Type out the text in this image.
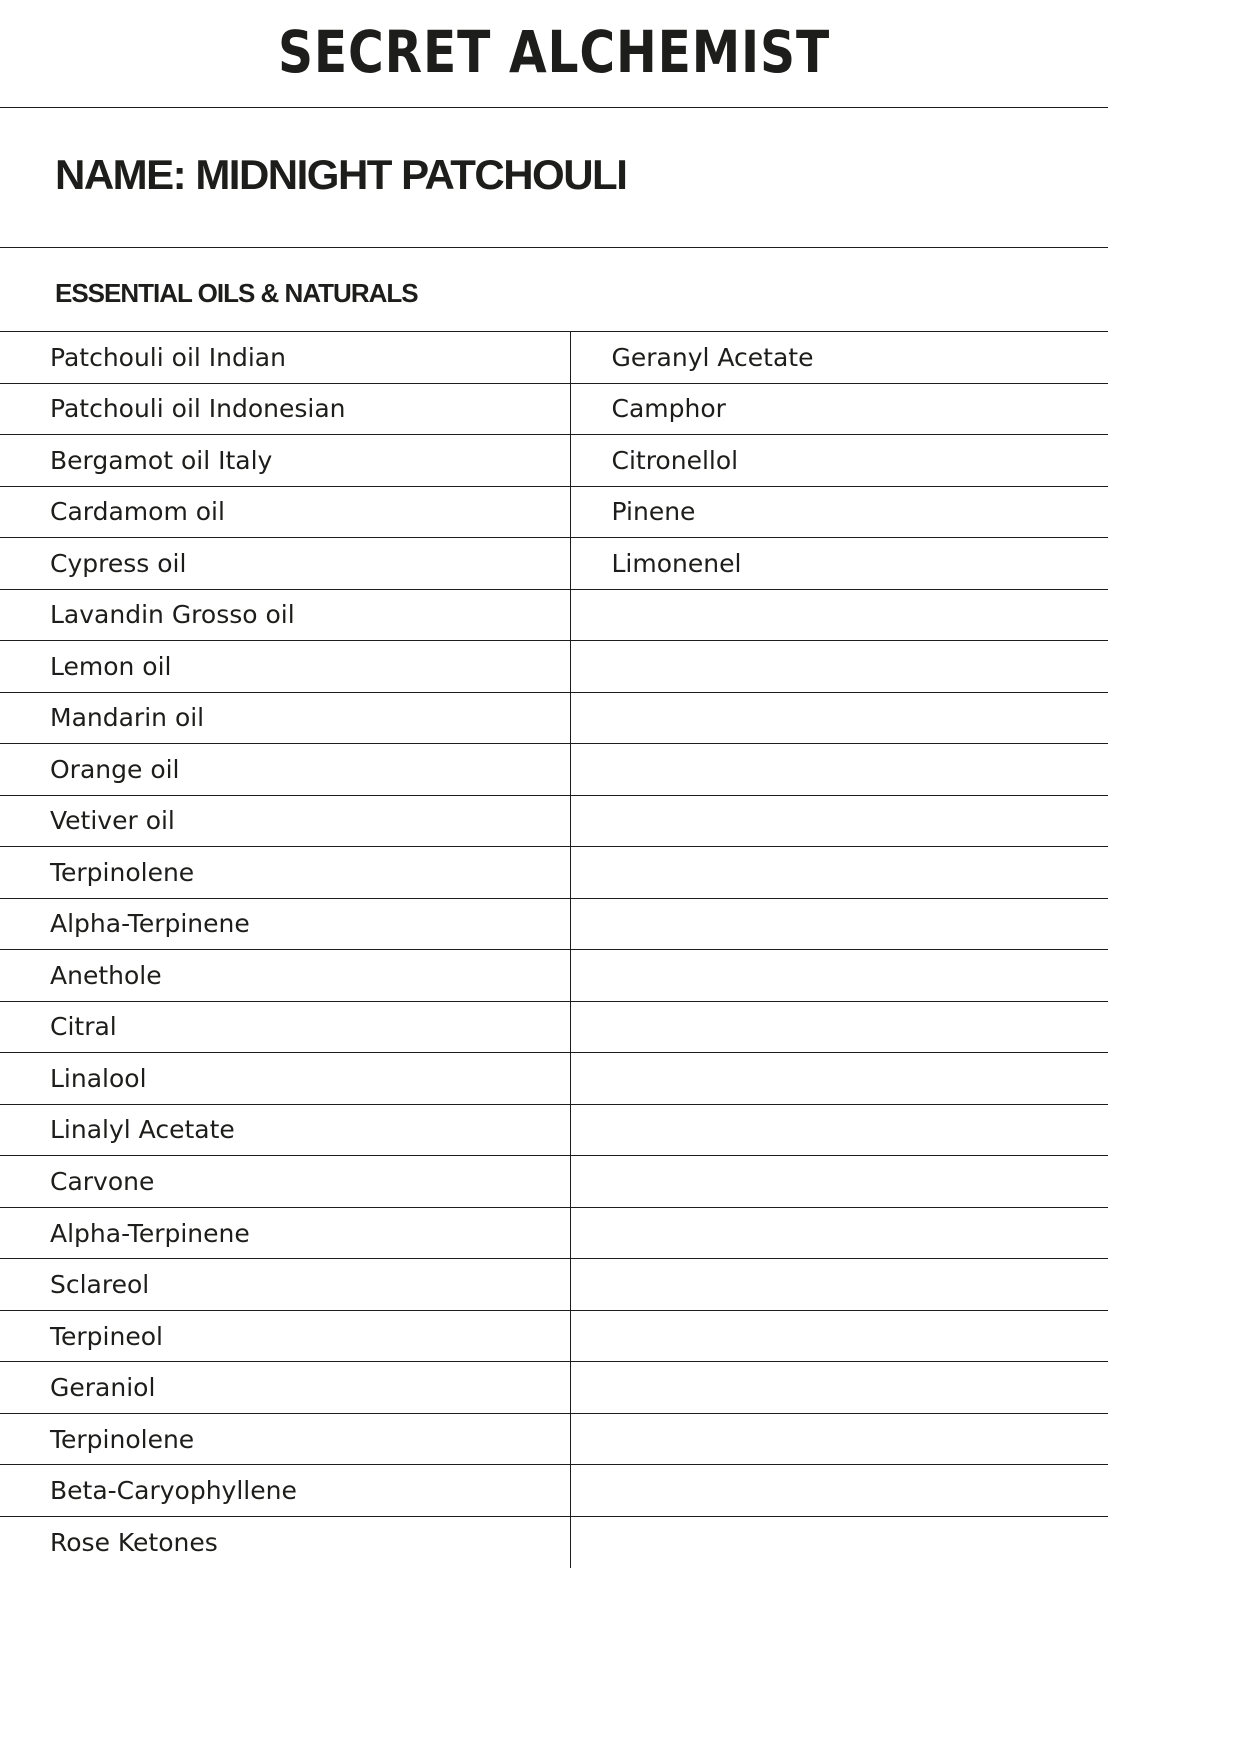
SECRET ALCHEMIST
NAME: MIDNIGHT PATCHOULI
ESSENTIAL OILS & NATURALS
Patchouli oil Indian	Geranyl Acetate
Patchouli oil Indonesian	Camphor
Bergamot oil Italy	Citronellol
Cardamom oil	Pinene
Cypress oil	Limonenel
Lavandin Grosso oil	
Lemon oil	
Mandarin oil	
Orange oil	
Vetiver oil	
Terpinolene	
Alpha-Terpinene	
Anethole	
Citral	
Linalool	
Linalyl Acetate	
Carvone	
Alpha-Terpinene	
Sclareol	
Terpineol	
Geraniol	
Terpinolene	
Beta-Caryophyllene	
Rose Ketones	
